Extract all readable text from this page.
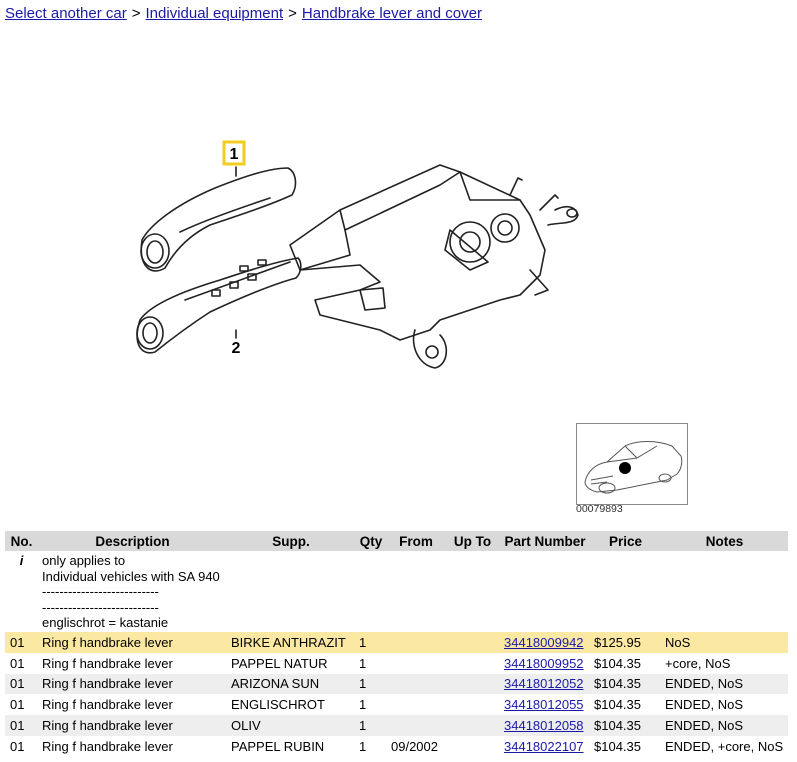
Select another car > Individual equipment > Handbrake lever and cover
1
2
00079893
No.	Description	Supp.	Qty	From	Up To	Part Number	Price	Notes
i	only applies to
Individual vehicles with SA 940
---------------------------
---------------------------
englischrot = kastanie							

01	Ring f handbrake lever	BIRKE ANTHRAZIT	1			34418009942	$125.95	NoS
01	Ring f handbrake lever	PAPPEL NATUR	1			34418009952	$104.35	+core, NoS
01	Ring f handbrake lever	ARIZONA SUN	1			34418012052	$104.35	ENDED, NoS
01	Ring f handbrake lever	ENGLISCHROT	1			34418012055	$104.35	ENDED, NoS
01	Ring f handbrake lever	OLIV	1			34418012058	$104.35	ENDED, NoS
01	Ring f handbrake lever	PAPPEL RUBIN	1	09/2002		34418022107	$104.35	ENDED, +core, NoS
